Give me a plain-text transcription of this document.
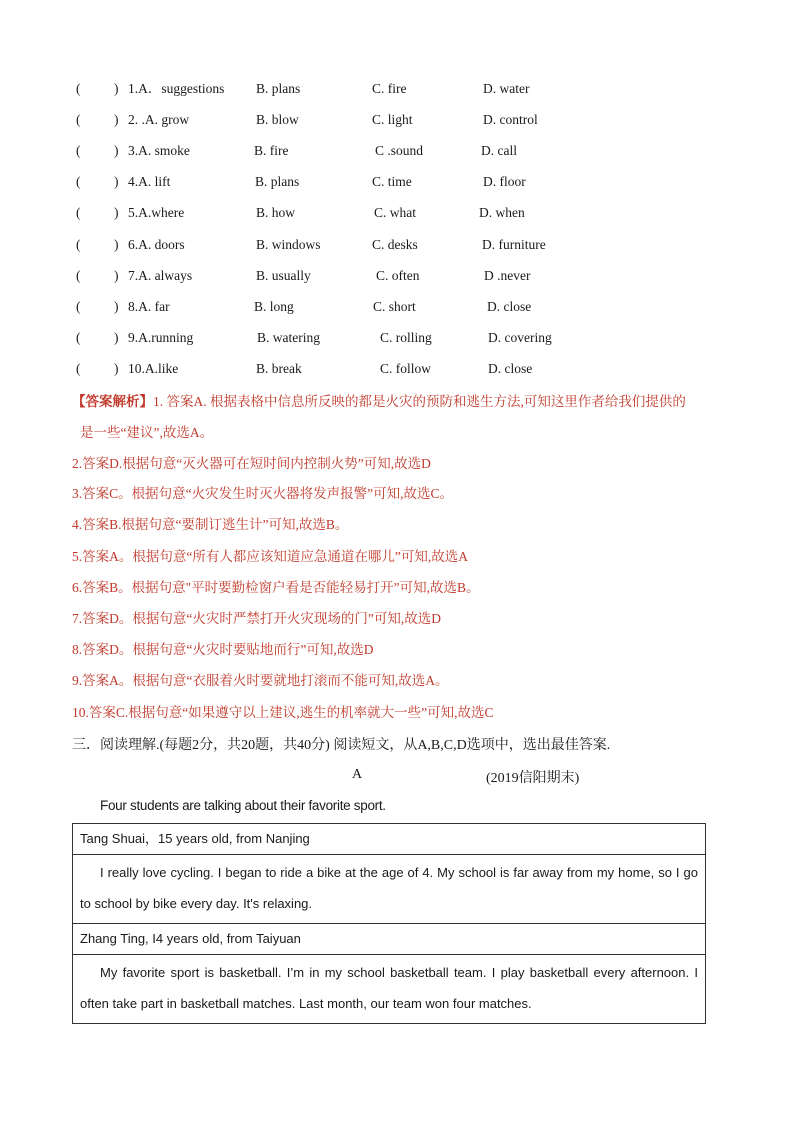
( ) 1.A．suggestions B. plans	C. fire	D. water
( ) 2. .A. grow	B. blow	C. light	D. control
( ) 3.A. smoke	B. fire	C .sound	D. call
( ) 4.A. lift	B. plans	C. time	D. floor
( ) 5.A.where	B. how	C. what	D. when
( ) 6.A. doors	B. windows	C. desks	D. furniture
( ) 7.A. always	B. usually	C. often	D .never
( ) 8.A. far	B. long	C. short	D. close
( ) 9.A.running	B. watering	C. rolling	D. covering
( ) 10.A.like	B. break	C. follow	D. close
【答案解析】1. 答案A. 根据表格中信息所反映的都是火灾的预防和逃生方法,可知这里作者给我们提供的
是一些“建议”,故选A。
2.答案D.根据句意“灭火器可在短时间内控制火势”可知,故选D
3.答案C。根据句意“火灾发生时灭火器将发声报警”可知,故选C。
4.答案B.根据句意“要制订逃生计”可知,故选B。
5.答案A。根据句意“所有人都应该知道应急通道在哪儿”可知,故选A
6.答案B。根据句意"平时要勤检窗户看是否能轻易打开”可知,故选B。
7.答案D。根据句意“火灾时严禁打开火灾现场的门”可知,故选D
8.答案D。根据句意“火灾时要贴地而行”可知,故选D
9.答案A。根据句意“衣服着火时要就地打滚而不能可知,故选A。
10.答案C.根据句意“如果遵守以上建议,逃生的机率就大一些”可知,故选C
三．阅读理解.(每题2分，共20题，共40分) 阅读短文，从A,B,C,D选项中，选出最佳答案.
A	(2019信阳期末)
Four students are talking about their favorite sport.
Tang Shuai，15 years old, from Nanjing
I really love cycling. I began to ride a bike at the age of 4. My school is far away from my home, so I go to school by bike every day. It's relaxing.
Zhang Ting, I4 years old, from Taiyuan
My favorite sport is basketball. I’m in my school basketball team. I play basketball every afternoon. I often take part in basketball matches. Last month, our team won four matches.
